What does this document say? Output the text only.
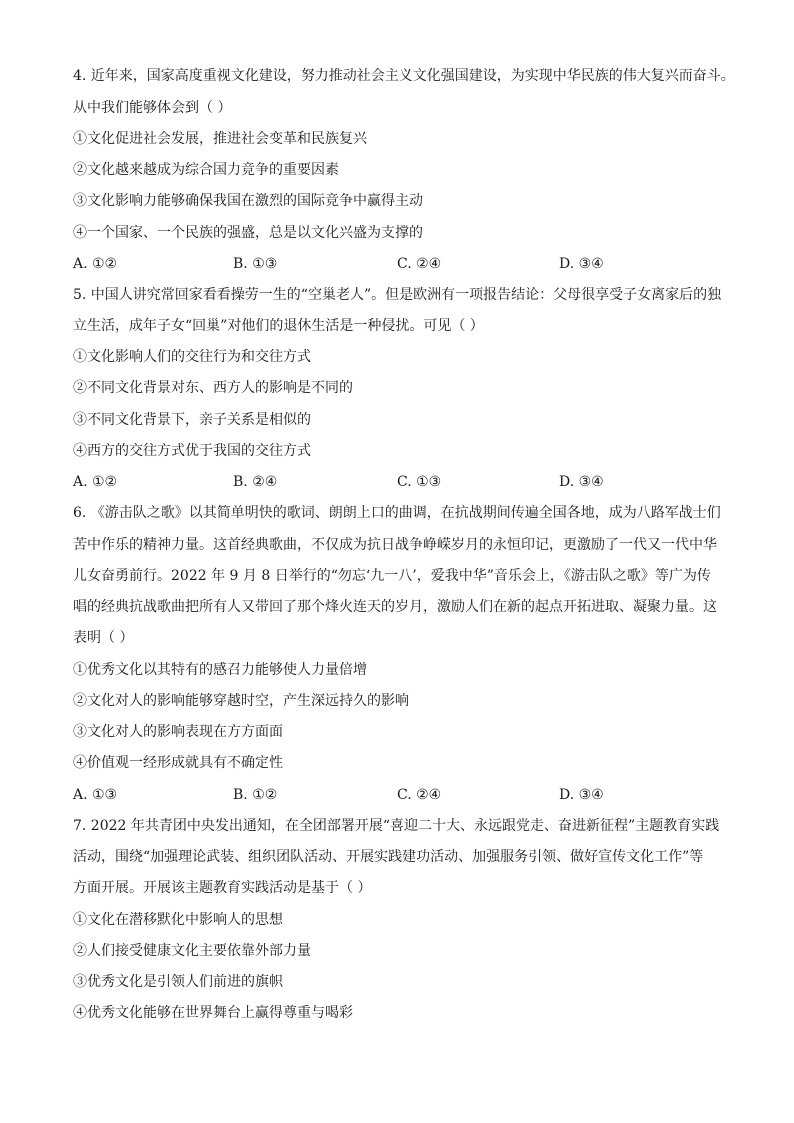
4. 近年来，国家高度重视文化建设，努力推动社会主义文化强国建设，为实现中华民族的伟大复兴而奋斗。
从中我们能够体会到（ ）
①文化促进社会发展，推进社会变革和民族复兴
②文化越来越成为综合国力竞争的重要因素
③文化影响力能够确保我国在激烈的国际竞争中赢得主动
④一个国家、一个民族的强盛，总是以文化兴盛为支撑的
A. ①②	B. ①③	C. ②④	D. ③④
5. 中国人讲究常回家看看操劳一生的“空巢老人”。但是欧洲有一项报告结论：父母很享受子女离家后的独
立生活，成年子女“回巢”对他们的退休生活是一种侵扰。可见（ ）
①文化影响人们的交往行为和交往方式
②不同文化背景对东、西方人的影响是不同的
③不同文化背景下，亲子关系是相似的
④西方的交往方式优于我国的交往方式
A. ①②	B. ②④	C. ①③	D. ③④
6. 《游击队之歌》以其简单明快的歌词、朗朗上口的曲调，在抗战期间传遍全国各地，成为八路军战士们
苦中作乐的精神力量。这首经典歌曲，不仅成为抗日战争峥嵘岁月的永恒印记，更激励了一代又一代中华
儿女奋勇前行。2022 年 9 月 8 日举行的“勿忘‘九一八’，爱我中华”音乐会上，《游击队之歌》等广为传
唱的经典抗战歌曲把所有人又带回了那个烽火连天的岁月，激励人们在新的起点开拓进取、凝聚力量。这
表明（ ）
①优秀文化以其特有的感召力能够使人力量倍增
②文化对人的影响能够穿越时空，产生深远持久的影响
③文化对人的影响表现在方方面面
④价值观一经形成就具有不确定性
A. ①③	B. ①②	C. ②④	D. ③④
7. 2022 年共青团中央发出通知，在全团部署开展“喜迎二十大、永远跟党走、奋进新征程”主题教育实践
活动，围绕“加强理论武装、组织团队活动、开展实践建功活动、加强服务引领、做好宣传文化工作”等
方面开展。开展该主题教育实践活动是基于（ ）
①文化在潜移默化中影响人的思想
②人们接受健康文化主要依靠外部力量
③优秀文化是引领人们前进的旗帜
④优秀文化能够在世界舞台上赢得尊重与喝彩
